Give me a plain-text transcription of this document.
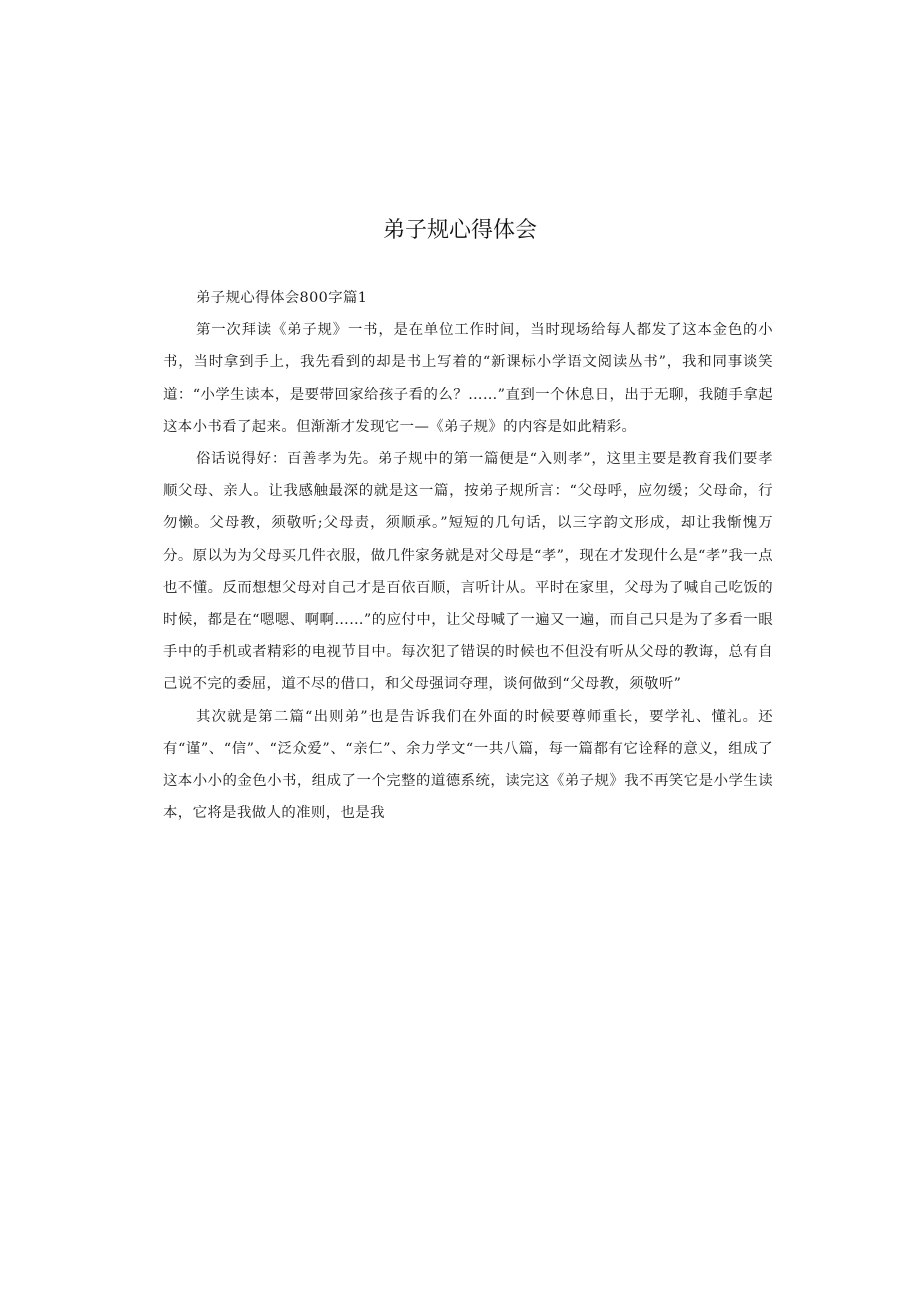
弟子规心得体会
弟子规心得体会800字篇1

第一次拜读《弟子规》一书，是在单位工作时间，当时现场给每人都发了这本金色的小书，当时拿到手上，我先看到的却是书上写着的“新课标小学语文阅读丛书”，我和同事谈笑道：“小学生读本，是要带回家给孩子看的么？……”直到一个休息日，出于无聊，我随手拿起这本小书看了起来。但渐渐才发现它一—《弟子规》的内容是如此精彩。

俗话说得好：百善孝为先。弟子规中的第一篇便是“入则孝”，这里主要是教育我们要孝顺父母、亲人。让我感触最深的就是这一篇，按弟子规所言：“父母呼，应勿缓；父母命，行勿懒。父母教，须敬听;父母责，须顺承。”短短的几句话，以三字韵文形成，却让我惭愧万分。原以为为父母买几件衣服，做几件家务就是对父母是“孝”，现在才发现什么是“孝”我一点也不懂。反而想想父母对自己才是百依百顺，言听计从。平时在家里，父母为了喊自己吃饭的时候，都是在“嗯嗯、啊啊……”的应付中，让父母喊了一遍又一遍，而自己只是为了多看一眼手中的手机或者精彩的电视节目中。每次犯了错误的时候也不但没有听从父母的教诲，总有自己说不完的委屈，道不尽的借口，和父母强词夺理，谈何做到“父母教，须敬听”

其次就是第二篇“出则弟”也是告诉我们在外面的时候要尊师重长，要学礼、懂礼。还有“谨”、“信”、“泛众爱”、“亲仁”、余力学文“一共八篇，每一篇都有它诠释的意义，组成了这本小小的金色小书，组成了一个完整的道德系统，读完这《弟子规》我不再笑它是小学生读本，它将是我做人的准则，也是我
